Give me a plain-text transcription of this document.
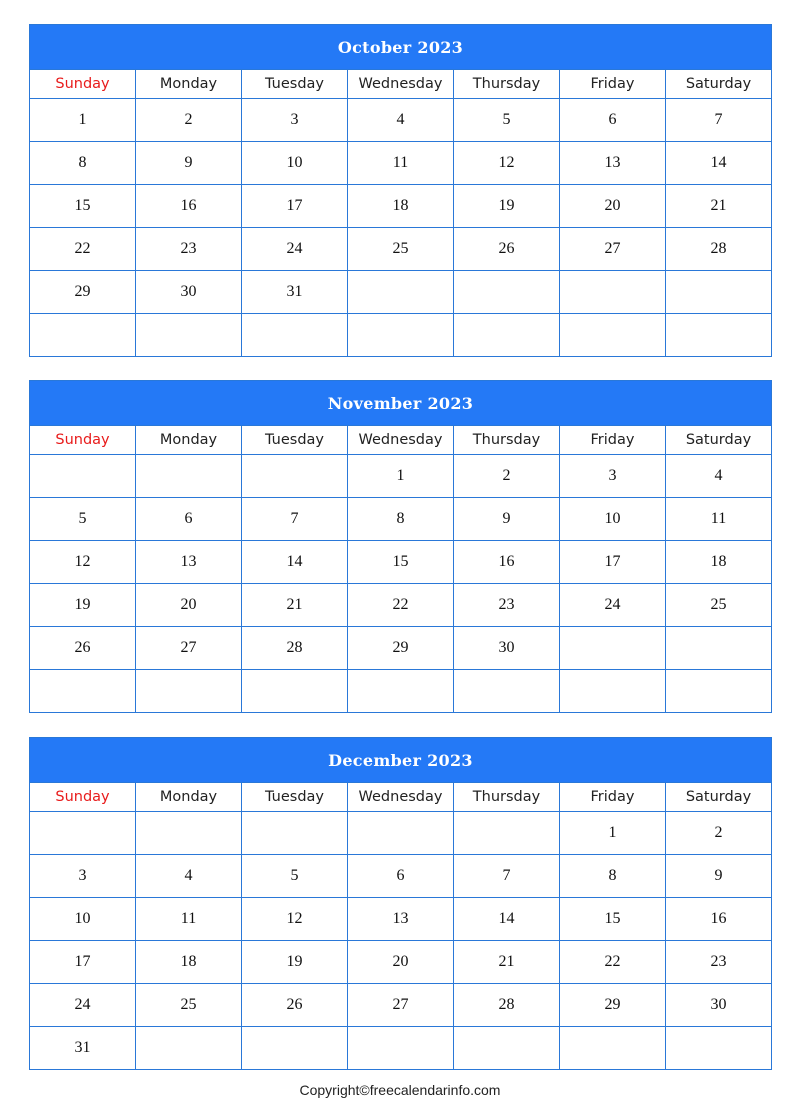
October 2023						
Sunday	Monday	Tuesday	Wednesday	Thursday	Friday	Saturday
1	2	3	4	5	6	7
8	9	10	11	12	13	14
15	16	17	18	19	20	21
22	23	24	25	26	27	28
29	30	31				

November 2023						
Sunday	Monday	Tuesday	Wednesday	Thursday	Friday	Saturday
			1	2	3	4
5	6	7	8	9	10	11
12	13	14	15	16	17	18
19	20	21	22	23	24	25
26	27	28	29	30		

December 2023						
Sunday	Monday	Tuesday	Wednesday	Thursday	Friday	Saturday
					1	2
3	4	5	6	7	8	9
10	11	12	13	14	15	16
17	18	19	20	21	22	23
24	25	26	27	28	29	30
31						
Copyright©freecalendarinfo.com
